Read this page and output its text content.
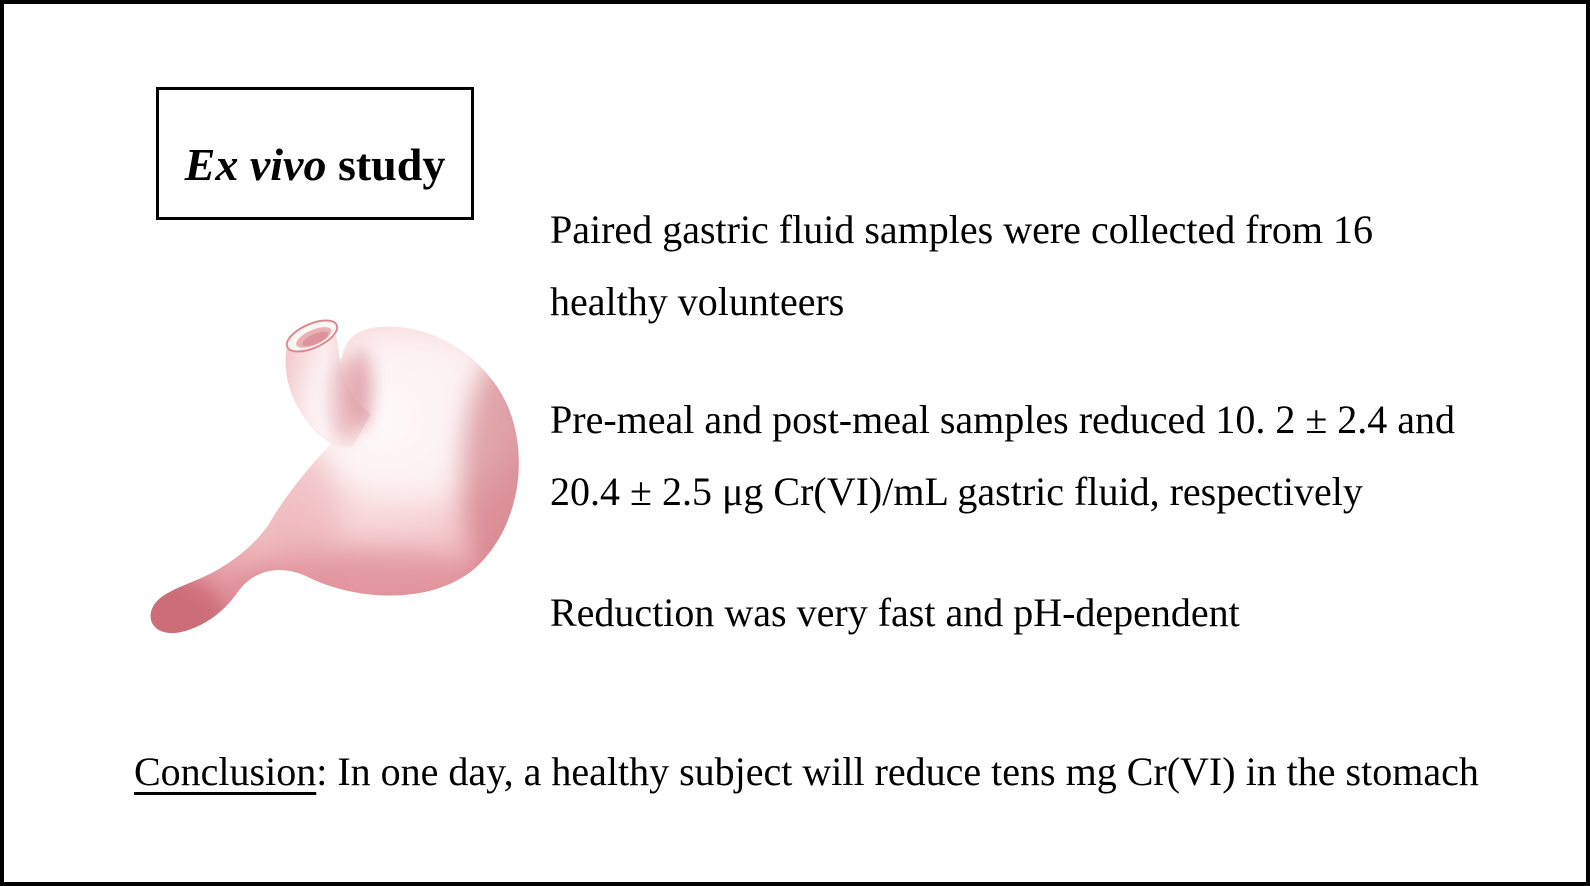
Ex vivo study
Paired gastric fluid samples were collected from 16
healthy volunteers
Pre-meal and post-meal samples reduced 10. 2 ± 2.4 and
20.4 ± 2.5 μg Cr(VI)/mL gastric fluid, respectively
Reduction was very fast and pH-dependent
Conclusion: In one day, a healthy subject will reduce tens mg Cr(VI) in the stomach
